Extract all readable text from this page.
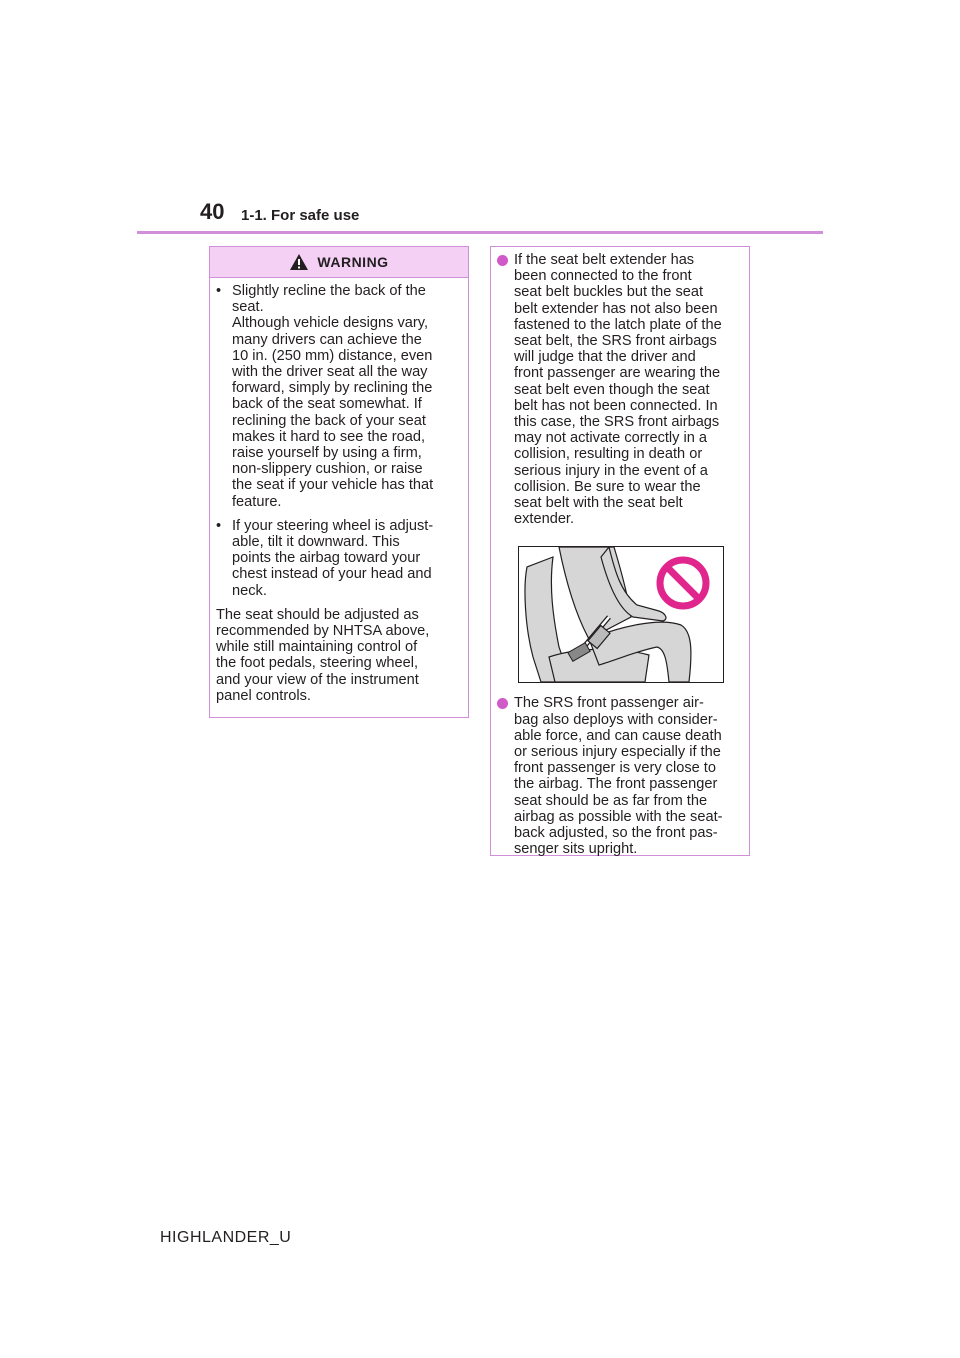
40 1-1. For safe use
WARNING
• Slightly recline the back of the
seat.
Although vehicle designs vary,
many drivers can achieve the
10 in. (250 mm) distance, even
with the driver seat all the way
forward, simply by reclining the
back of the seat somewhat. If
reclining the back of your seat
makes it hard to see the road,
raise yourself by using a firm,
non-slippery cushion, or raise
the seat if your vehicle has that
feature.
• If your steering wheel is adjust-
able, tilt it downward. This
points the airbag toward your
chest instead of your head and
neck.
The seat should be adjusted as
recommended by NHTSA above,
while still maintaining control of
the foot pedals, steering wheel,
and your view of the instrument
panel controls.
If the seat belt extender has
been connected to the front
seat belt buckles but the seat
belt extender has not also been
fastened to the latch plate of the
seat belt, the SRS front airbags
will judge that the driver and
front passenger are wearing the
seat belt even though the seat
belt has not been connected. In
this case, the SRS front airbags
may not activate correctly in a
collision, resulting in death or
serious injury in the event of a
collision. Be sure to wear the
seat belt with the seat belt
extender.
The SRS front passenger air-
bag also deploys with consider-
able force, and can cause death
or serious injury especially if the
front passenger is very close to
the airbag. The front passenger
seat should be as far from the
airbag as possible with the seat-
back adjusted, so the front pas-
senger sits upright.
HIGHLANDER_U
